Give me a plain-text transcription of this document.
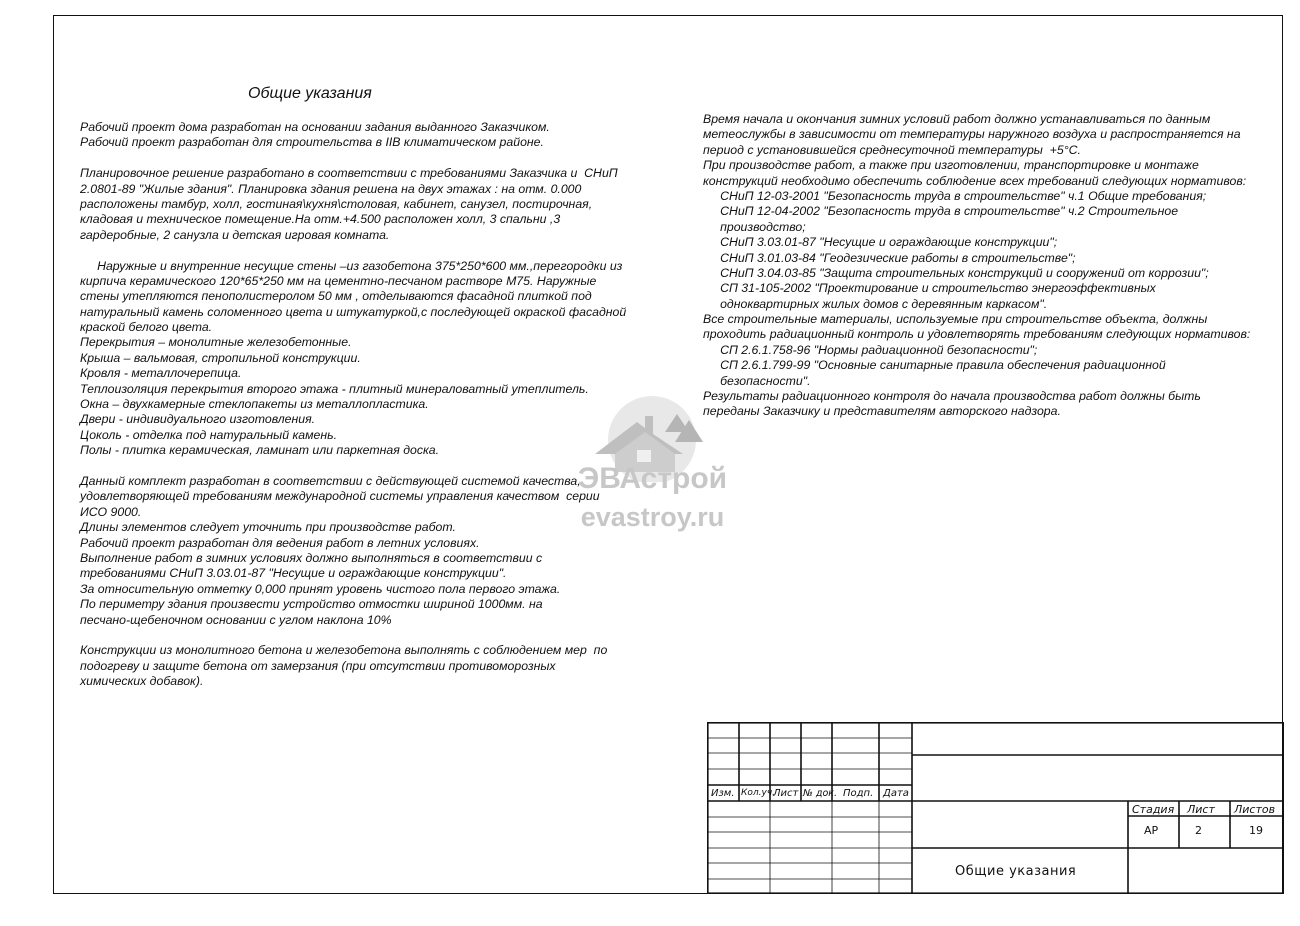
Общие указания
Рабочий проект дома разработан на основании задания выданного Заказчиком.
Рабочий проект разработан для строительства в IIB климатическом районе.
Планировочное решение разработано в соответствии с требованиями Заказчика и  СНиП
2.0801-89 "Жилые здания". Планировка здания решена на двух этажах : на отм. 0.000
расположены тамбур, холл, гостиная\кухня\столовая, кабинет, санузел, постирочная,
кладовая и техническое помещение.На отм.+4.500 расположен холл, 3 спальни ,3
гардеробные, 2 санузла и детская игровая комната.
Наружные и внутренние несущие стены –из газобетона 375*250*600 мм.,перегородки из
кирпича керамического 120*65*250 мм на цементно-песчаном растворе М75. Наружные
стены утепляются пенополистеролом 50 мм , отделываются фасадной плиткой под
натуральный камень соломенного цвета и штукатуркой,с последующей окраской фасадной
краской белого цвета.
Перекрытия – монолитные железобетонные.
Крыша – вальмовая, стропильной конструкции.
Кровля - металлочерепица.
Теплоизоляция перекрытия второго этажа - плитный минераловатный утеплитель.
Окна – двухкамерные стеклопакеты из металлопластика.
Двери - индивидуального изготовления.
Цоколь - отделка под натуральный камень.
Полы - плитка керамическая, ламинат или паркетная доска.
Данный комплект разработан в соответствии с действующей системой качества,
удовлетворяющей требованиям международной системы управления качеством  серии
ИСО 9000.
Длины элементов следует уточнить при производстве работ.
Рабочий проект разработан для ведения работ в летних условиях.
Выполнение работ в зимних условиях должно выполняться в соответствии с
требованиями СНиП 3.03.01-87 "Несущие и ограждающие конструкции".
За относительную отметку 0,000 принят уровень чистого пола первого этажа.
По периметру здания произвести устройство отмостки шириной 1000мм. на
песчано-щебеночном основании с углом наклона 10%
Конструкции из монолитного бетона и железобетона выполнять с соблюдением мер  по
подогреву и защите бетона от замерзания (при отсутствии противоморозных
химических добавок).
Время начала и окончания зимних условий работ должно устанавливаться по данным
метеослужбы в зависимости от температуры наружного воздуха и распространяется на
период с установившейся среднесуточной температуры  +5°С.
При производстве работ, а также при изготовлении, транспортировке и монтаже
конструкций необходимо обеспечить соблюдение всех требований следующих нормативов:
СНиП 12-03-2001 "Безопасность труда в строительстве" ч.1 Общие требования;
СНиП 12-04-2002 "Безопасность труда в строительстве" ч.2 Строительное
производство;
СНиП 3.03.01-87 "Несущие и ограждающие конструкции";
СНиП 3.01.03-84 "Геодезические работы в строительстве";
СНиП 3.04.03-85 "Защита строительных конструкций и сооружений от коррозии";
СП 31-105-2002 "Проектирование и строительство энергоэффективных
одноквартирных жилых домов с деревянным каркасом".
Все строительные материалы, используемые при строительстве объекта, должны
проходить радиационный контроль и удовлетворять требованиям следующих нормативов:
СП 2.6.1.758-96 "Нормы радиационной безопасности";
СП 2.6.1.799-99 "Основные санитарные правила обеспечения радиационной
безопасности".
Результаты радиационного контроля до начала производства работ должны быть
переданы Заказчику и представителям авторского надзора.
ЭВАстрой
evastroy.ru
Изм. Кол.уч.
Лист № док. Подп. Дата
Стадия Лист Листов
АР	2	19
Общие указания
